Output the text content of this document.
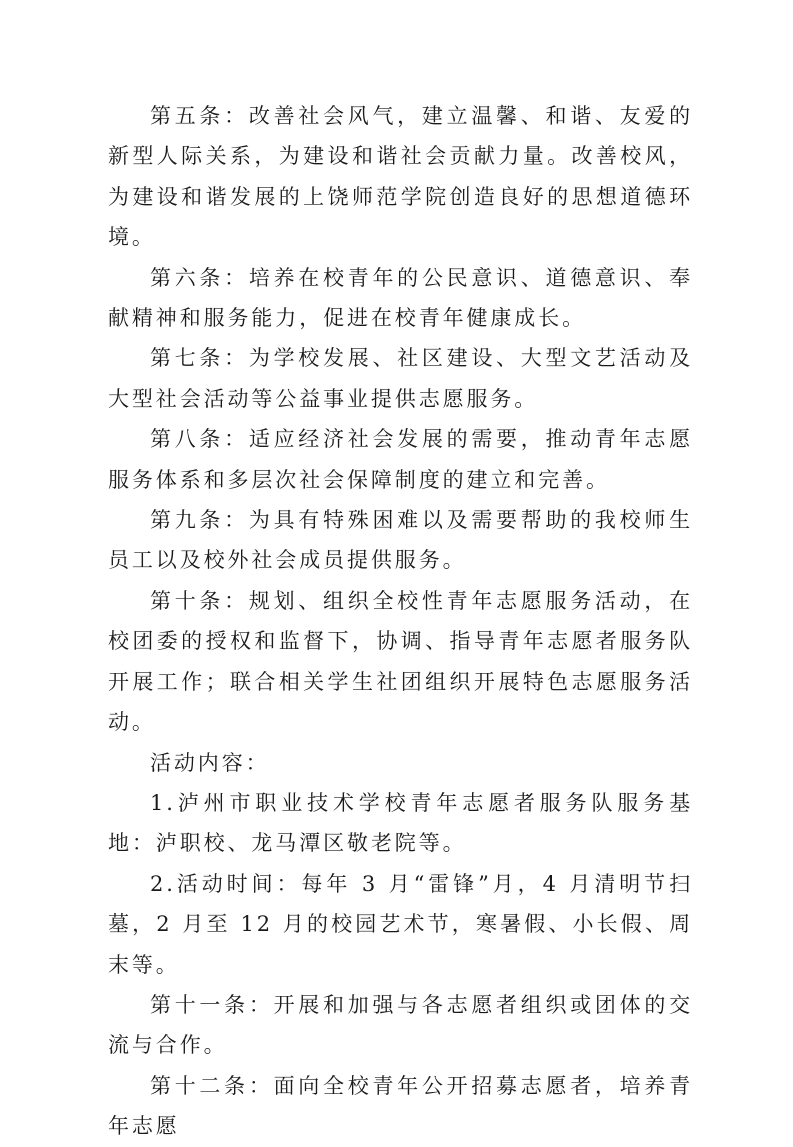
第五条：改善社会风气，建立温馨、和谐、友爱的新型人际关系，为建设和谐社会贡献力量。改善校风，为建设和谐发展的上饶师范学院创造良好的思想道德环境。

第六条：培养在校青年的公民意识、道德意识、奉献精神和服务能力，促进在校青年健康成长。

第七条：为学校发展、社区建设、大型文艺活动及大型社会活动等公益事业提供志愿服务。

第八条：适应经济社会发展的需要，推动青年志愿服务体系和多层次社会保障制度的建立和完善。

第九条：为具有特殊困难以及需要帮助的我校师生员工以及校外社会成员提供服务。

第十条：规划、组织全校性青年志愿服务活动，在校团委的授权和监督下，协调、指导青年志愿者服务队开展工作；联合相关学生社团组织开展特色志愿服务活动。

活动内容：

1.泸州市职业技术学校青年志愿者服务队服务基地：泸职校、龙马潭区敬老院等。

2.活动时间：每年 3 月“雷锋”月，4 月清明节扫墓，2 月至 12 月的校园艺术节，寒暑假、小长假、周末等。

第十一条：开展和加强与各志愿者组织或团体的交流与合作。

第十二条：面向全校青年公开招募志愿者，培养青年志愿
